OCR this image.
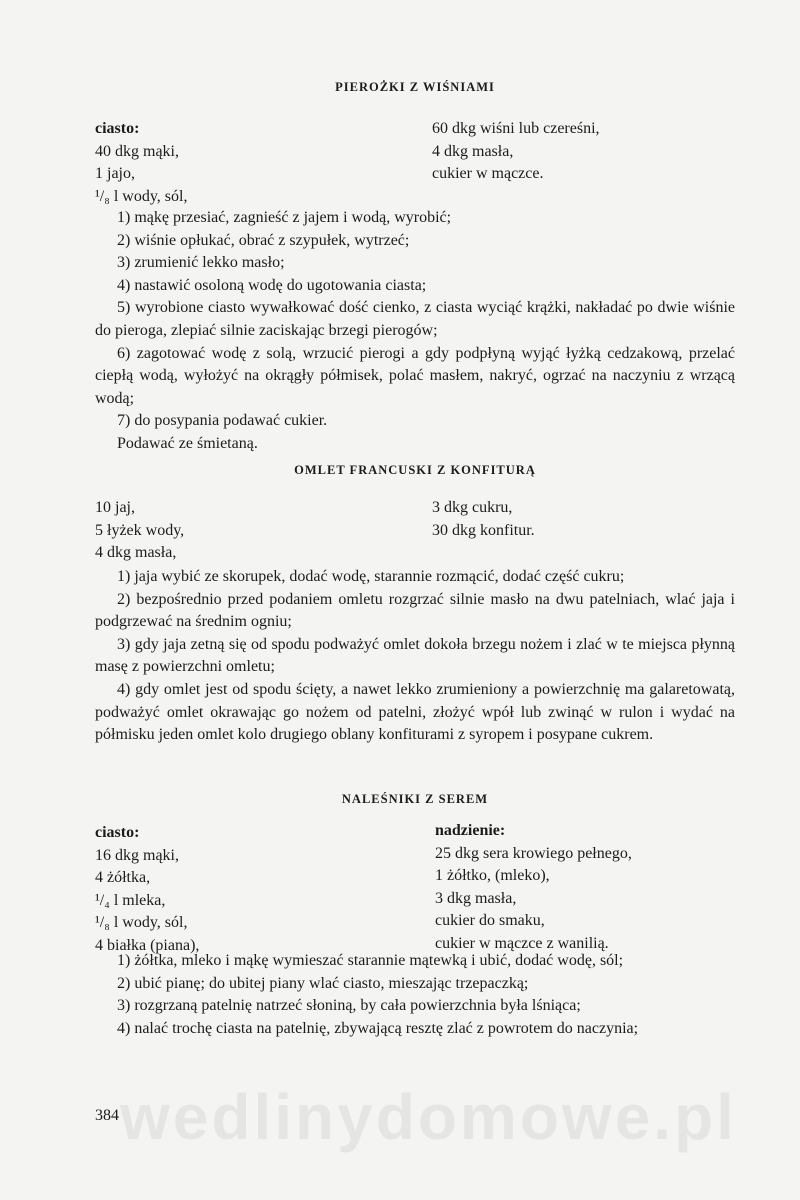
PIEROŻKI Z WIŚNIAMI
ciasto:
40 dkg mąki,
1 jajo,
¹/₈ l wody, sól,
60 dkg wiśni lub czereśni,
4 dkg masła,
cukier w mączce.

1) mąkę przesiać, zagnieść z jajem i wodą, wyrobić;

2) wiśnie opłukać, obrać z szypułek, wytrzeć;

3) zrumienić lekko masło;

4) nastawić osoloną wodę do ugotowania ciasta;

5) wyrobione ciasto wywałkować dość cienko, z ciasta wyciąć krążki, nakładać po dwie wiśnie do pieroga, zlepiać silnie zaciskając brzegi pierogów;

6) zagotować wodę z solą, wrzucić pierogi a gdy podpłyną wyjąć łyżką cedzakową, przelać ciepłą wodą, wyłożyć na okrągły półmisek, polać masłem, nakryć, ogrzać na naczyniu z wrzącą wodą;

7) do posypania podawać cukier.

Podawać ze śmietaną.

OMLET FRANCUSKI Z KONFITURĄ
10 jaj,
5 łyżek wody,
4 dkg masła,
3 dkg cukru,
30 dkg konfitur.

1) jaja wybić ze skorupek, dodać wodę, starannie rozmącić, dodać część cukru;

2) bezpośrednio przed podaniem omletu rozgrzać silnie masło na dwu patelniach, wlać jaja i podgrzewać na średnim ogniu;

3) gdy jaja zetną się od spodu podważyć omlet dokoła brzegu nożem i zlać w te miejsca płynną masę z powierzchni omletu;

4) gdy omlet jest od spodu ścięty, a nawet lekko zrumieniony a powierzchnię ma galaretowatą, podważyć omlet okrawając go nożem od patelni, złożyć wpół lub zwinąć w rulon i wydać na półmisku jeden omlet kolo drugiego oblany konfiturami z syropem i posypane cukrem.

NALEŚNIKI Z SEREM
ciasto:
16 dkg mąki,
4 żółtka,
¹/₄ l mleka,
¹/₈ l wody, sól,
4 białka (piana),
nadzienie:
25 dkg sera krowiego pełnego,
1 żółtko, (mleko),
3 dkg masła,
cukier do smaku,
cukier w mączce z wanilią.

1) żółtka, mleko i mąkę wymieszać starannie mątewką i ubić, dodać wodę, sól;

2) ubić pianę; do ubitej piany wlać ciasto, mieszając trzepaczką;

3) rozgrzaną patelnię natrzeć słoniną, by cała powierzchnia była lśniąca;

4) nalać trochę ciasta na patelnię, zbywającą resztę zlać z powrotem do naczynia;

384 wedlinydomowe.pl
